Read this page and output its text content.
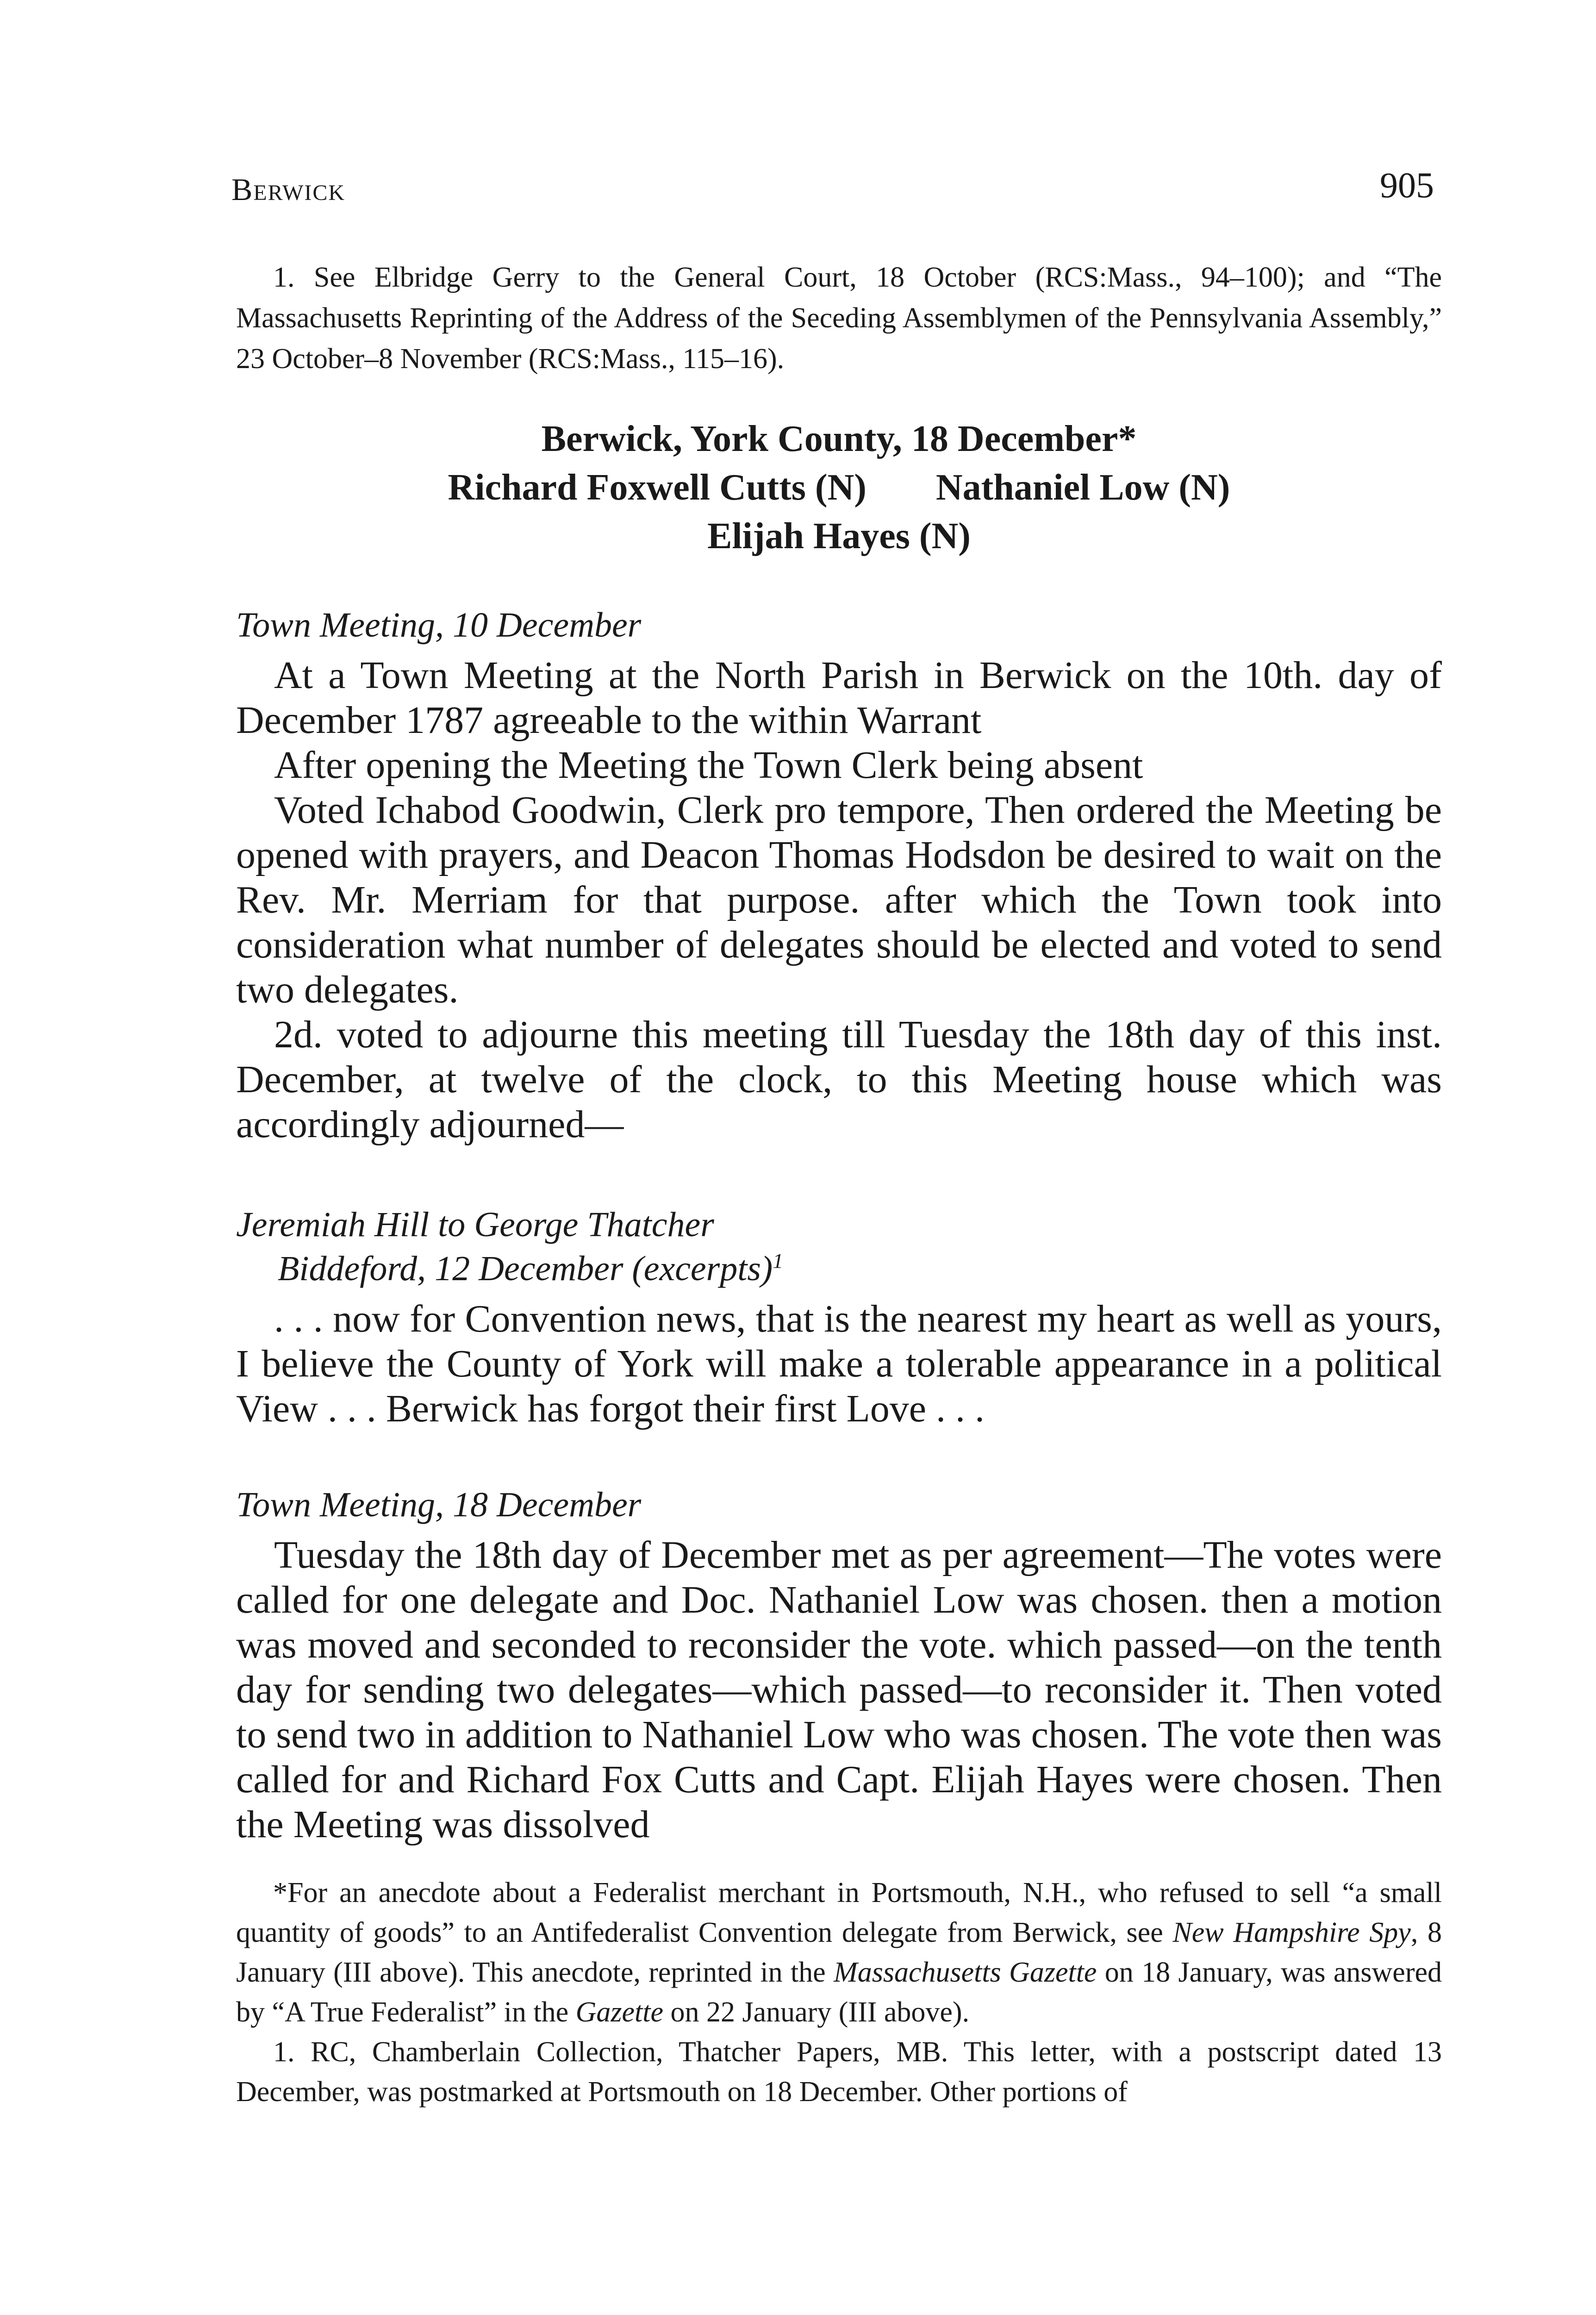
Berwick	905
1. See Elbridge Gerry to the General Court, 18 October (RCS:Mass., 94–100); and “The Massachusetts Reprinting of the Address of the Seceding Assemblymen of the Pennsylvania Assembly,” 23 October–8 November (RCS:Mass., 115–16).
Berwick, York County, 18 December*
Richard Foxwell Cutts (N) Nathaniel Low (N)
Elijah Hayes (N)
Town Meeting, 10 December

At a Town Meeting at the North Parish in Berwick on the 10th. day of December 1787 agreeable to the within Warrant

After opening the Meeting the Town Clerk being absent

Voted Ichabod Goodwin, Clerk pro tempore, Then ordered the Meeting be opened with prayers, and Deacon Thomas Hodsdon be desired to wait on the Rev. Mr. Merriam for that purpose. after which the Town took into consideration what number of delegates should be elected and voted to send two delegates.

2d. voted to adjourne this meeting till Tuesday the 18th day of this inst. December, at twelve of the clock, to this Meeting house which was accordingly adjourned—

Jeremiah Hill to George Thatcher
Biddeford, 12 December (excerpts)$^1$

. . . now for Convention news, that is the nearest my heart as well as yours, I believe the County of York will make a tolerable appearance in a political View . . . Berwick has forgot their first Love . . .

Town Meeting, 18 December

Tuesday the 18th day of December met as per agreement—The votes were called for one delegate and Doc. Nathaniel Low was chosen. then a motion was moved and seconded to reconsider the vote. which passed—on the tenth day for sending two delegates—which passed—to reconsider it. Then voted to send two in addition to Nathaniel Low who was chosen. The vote then was called for and Richard Fox Cutts and Capt. Elijah Hayes were chosen. Then the Meeting was dissolved

*For an anecdote about a Federalist merchant in Portsmouth, N.H., who refused to sell “a small quantity of goods” to an Antifederalist Convention delegate from Berwick, see New Hampshire Spy, 8 January (III above). This anecdote, reprinted in the Massachusetts Gazette on 18 January, was answered by “A True Federalist” in the Gazette on 22 January (III above).

1. RC, Chamberlain Collection, Thatcher Papers, MB. This letter, with a postscript dated 13 December, was postmarked at Portsmouth on 18 December. Other portions of
